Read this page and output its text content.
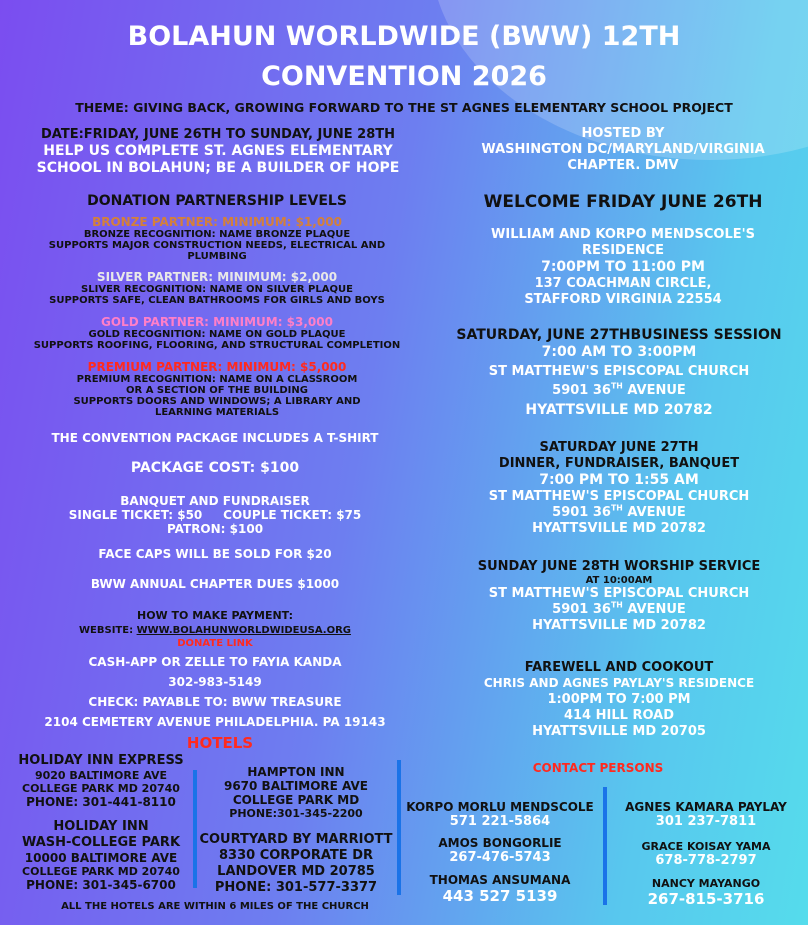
BOLAHUN WORLDWIDE (BWW) 12TH
CONVENTION 2026
THEME: GIVING BACK, GROWING FORWARD TO THE ST AGNES ELEMENTARY SCHOOL PROJECT
DATE:FRIDAY, JUNE 26TH TO SUNDAY, JUNE 28TH
HELP US COMPLETE ST. AGNES ELEMENTARY
SCHOOL IN BOLAHUN; BE A BUILDER OF HOPE
DONATION PARTNERSHIP LEVELS
BRONZE PARTNER: MINIMUM: $1,000
BRONZE RECOGNITION: NAME BRONZE PLAQUE
SUPPORTS MAJOR CONSTRUCTION NEEDS, ELECTRICAL AND
PLUMBING
SILVER PARTNER: MINIMUM: $2,000
SLIVER RECOGNITION: NAME ON SILVER PLAQUE
SUPPORTS SAFE, CLEAN BATHROOMS FOR GIRLS AND BOYS
GOLD PARTNER: MINIMUM: $3,000
GOLD RECOGNITION: NAME ON GOLD PLAQUE
SUPPORTS ROOFING, FLOORING, AND STRUCTURAL COMPLETION
PREMIUM PARTNER: MINIMUM: $5,000
PREMIUM RECOGNITION: NAME ON A CLASSROOM
OR A SECTION OF THE BUILDING
SUPPORTS DOORS AND WINDOWS; A LIBRARY AND
LEARNING MATERIALS
THE CONVENTION PACKAGE INCLUDES A T-SHIRT
PACKAGE COST: $100
BANQUET AND FUNDRAISER
SINGLE TICKET: $50     COUPLE TICKET: $75
PATRON: $100
FACE CAPS WILL BE SOLD FOR $20
BWW ANNUAL CHAPTER DUES $1000
HOW TO MAKE PAYMENT:
WEBSITE: WWW.BOLAHUNWORLDWIDEUSA.ORG
DONATE LINK
CASH-APP OR ZELLE TO FAYIA KANDA
302-983-5149
CHECK: PAYABLE TO: BWW TREASURE
2104 CEMETERY AVENUE PHILADELPHIA. PA 19143
HOTELS
HOLIDAY INN EXPRESS
9020 BALTIMORE AVE
COLLEGE PARK MD 20740
PHONE: 301-441-8110
HOLIDAY INN
WASH-COLLEGE PARK
10000 BALTIMORE AVE
COLLEGE PARK MD 20740
PHONE: 301-345-6700
HAMPTON INN
9670 BALTIMORE AVE
COLLEGE PARK MD
PHONE:301-345-2200
COURTYARD BY MARRIOTT
8330 CORPORATE DR
LANDOVER MD 20785
PHONE: 301-577-3377
ALL THE HOTELS ARE WITHIN 6 MILES OF THE CHURCH
HOSTED BY
WASHINGTON DC/MARYLAND/VIRGINIA
CHAPTER. DMV
WELCOME FRIDAY JUNE 26TH
WILLIAM AND KORPO MENDSCOLE'S
RESIDENCE
7:00PM TO 11:00 PM
137 COACHMAN CIRCLE,
STAFFORD VIRGINIA 22554
SATURDAY, JUNE 27THBUSINESS SESSION
7:00 AM TO 3:00PM
ST MATTHEW'S EPISCOPAL CHURCH
5901 36TH AVENUE
HYATTSVILLE MD 20782
SATURDAY JUNE 27TH
DINNER, FUNDRAISER, BANQUET
7:00 PM TO 1:55 AM
ST MATTHEW'S EPISCOPAL CHURCH
5901 36TH AVENUE
HYATTSVILLE MD 20782
SUNDAY JUNE 28TH WORSHIP SERVICE
AT 10:00AM
ST MATTHEW'S EPISCOPAL CHURCH
5901 36TH AVENUE
HYATTSVILLE MD 20782
FAREWELL AND COOKOUT
CHRIS AND AGNES PAYLAY'S RESIDENCE
1:00PM TO 7:00 PM
414 HILL ROAD
HYATTSVILLE MD 20705
CONTACT PERSONS
KORPO MORLU MENDSCOLE
571 221-5864
AMOS BONGORLIE
267-476-5743
THOMAS ANSUMANA
443 527 5139
AGNES KAMARA PAYLAY
301 237-7811
GRACE KOISAY YAMA
678-778-2797
NANCY MAYANGO
267-815-3716
